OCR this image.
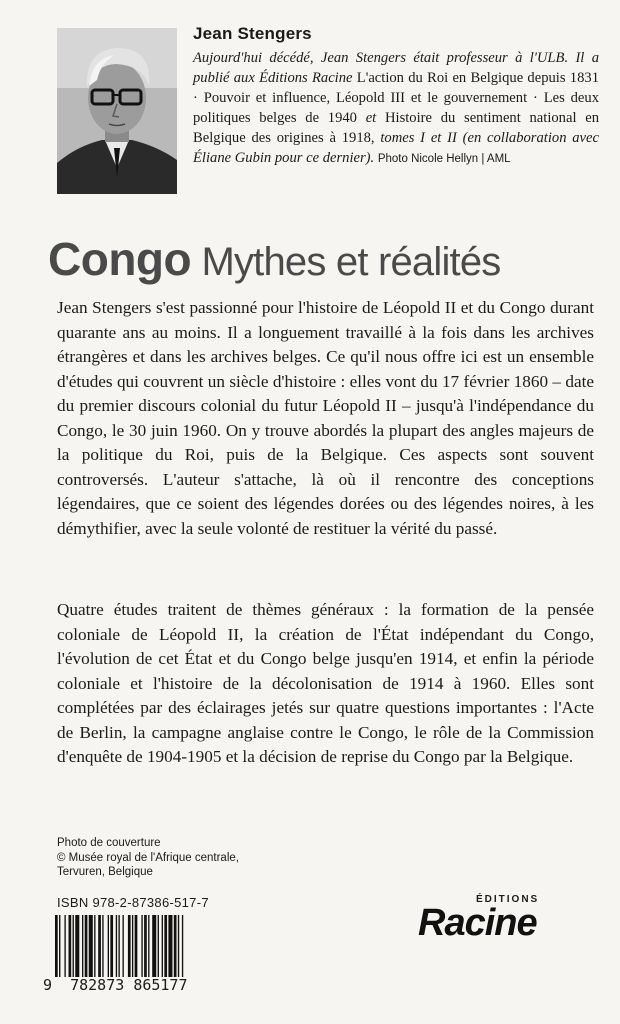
Jean Stengers

Aujourd'hui décédé, Jean Stengers était professeur à l'ULB. Il a publié aux Éditions Racine L'action du Roi en Belgique depuis 1831 · Pouvoir et influence, Léopold III et le gouvernement · Les deux politiques belges de 1940 et Histoire du sentiment national en Belgique des origines à 1918, tomes I et II (en collaboration avec Éliane Gubin pour ce dernier). Photo Nicole Hellyn | AML

Congo Mythes et réalités

Jean Stengers s'est passionné pour l'histoire de Léopold II et du Congo durant quarante ans au moins. Il a longuement travaillé à la fois dans les archives étrangères et dans les archives belges. Ce qu'il nous offre ici est un ensemble d'études qui couvrent un siècle d'histoire : elles vont du 17 février 1860 – date du premier discours colonial du futur Léopold II – jusqu'à l'indépendance du Congo, le 30 juin 1960. On y trouve abordés la plupart des angles majeurs de la politique du Roi, puis de la Belgique. Ces aspects sont souvent controversés. L'auteur s'attache, là où il rencontre des conceptions légendaires, que ce soient des légendes dorées ou des légendes noires, à les démythifier, avec la seule volonté de restituer la vérité du passé.

Quatre études traitent de thèmes généraux : la formation de la pensée coloniale de Léopold II, la création de l'État indépendant du Congo, l'évolution de cet État et du Congo belge jusqu'en 1914, et enfin la période coloniale et l'histoire de la décolonisation de 1914 à 1960. Elles sont complétées par des éclairages jetés sur quatre questions importantes : l'Acte de Berlin, la campagne anglaise contre le Congo, le rôle de la Commission d'enquête de 1904-1905 et la décision de reprise du Congo par la Belgique.

Photo de couverture
© Musée royal de l'Afrique centrale,
Tervuren, Belgique
ISBN 978-2-87386-517-7
9 782873 865177
ÉDITIONS
Racine
